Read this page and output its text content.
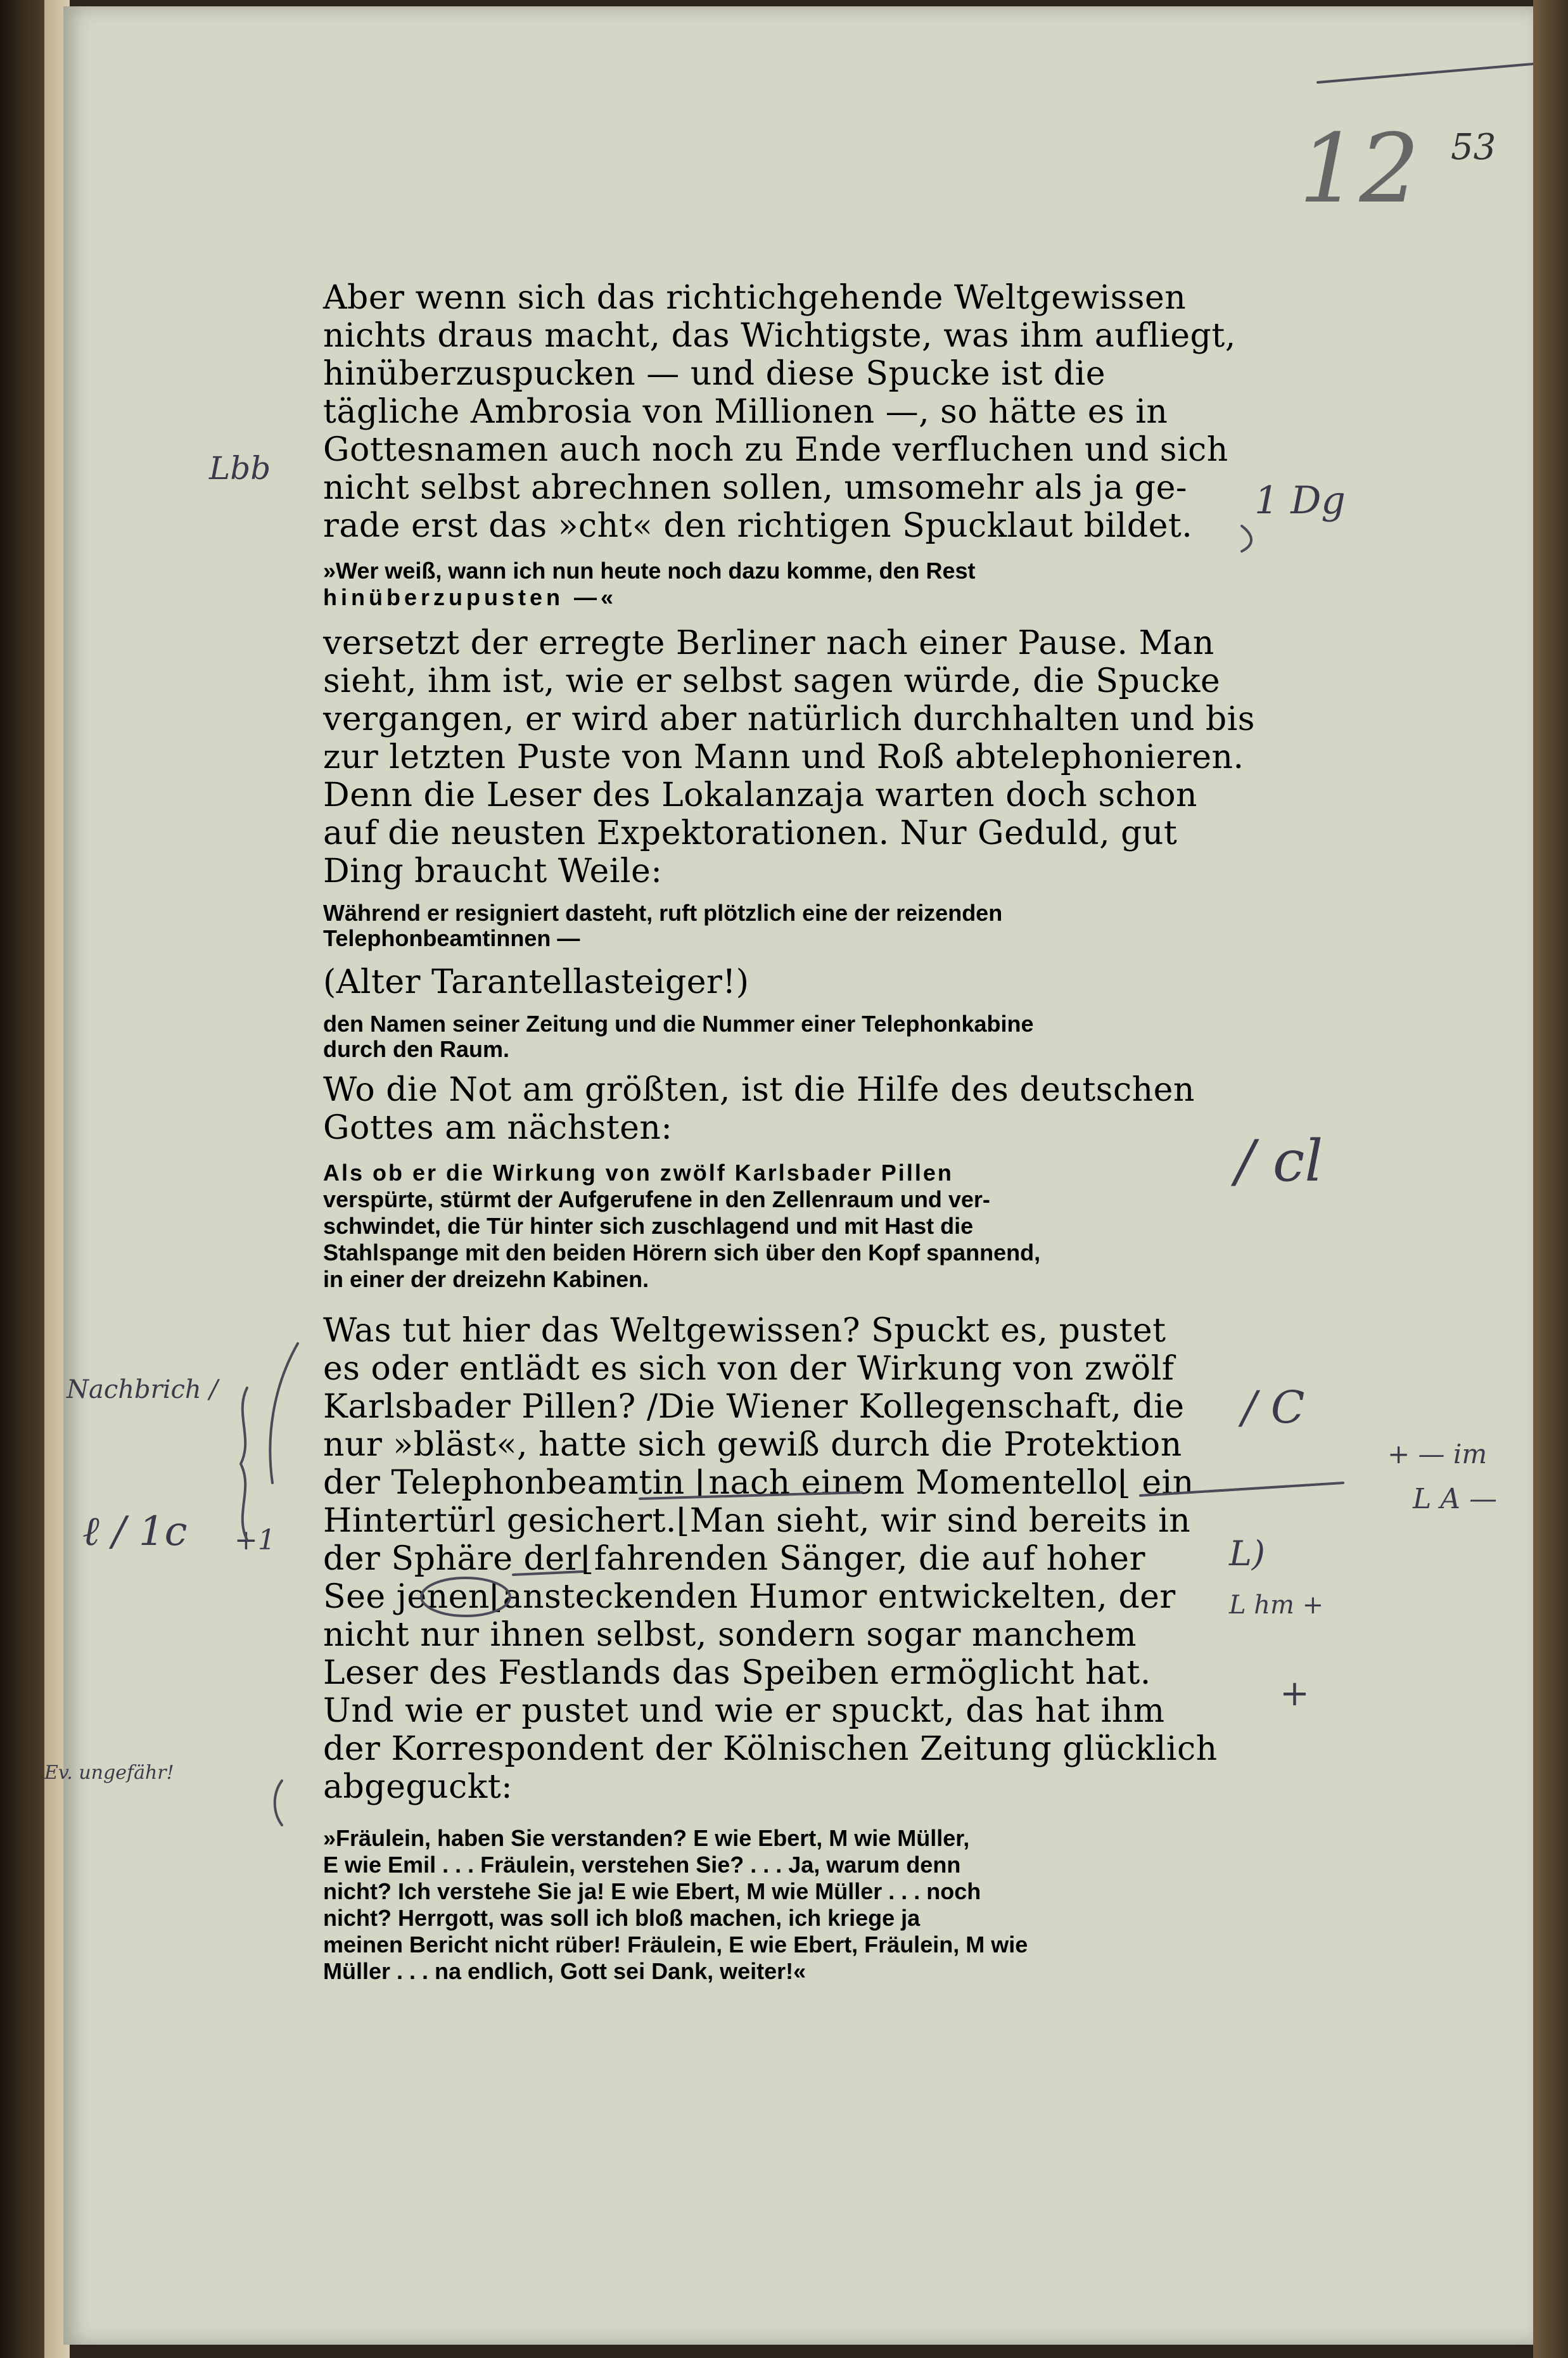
12 53
Aber wenn sich das richtichgehende Weltgewissen
nichts draus macht, das Wichtigste, was ihm aufliegt,
hinüberzuspucken — und diese Spucke ist die
tägliche Ambrosia von Millionen —, so hätte es in
Gottesnamen auch noch zu Ende verfluchen und sich
nicht selbst abrechnen sollen, umsomehr als ja ge-
rade erst das »cht« den richtigen Spucklaut bildet.
»Wer weiß, wann ich nun heute noch dazu komme, den Rest
hinüberzupusten —«
versetzt der erregte Berliner nach einer Pause. Man
sieht, ihm ist, wie er selbst sagen würde, die Spucke
vergangen, er wird aber natürlich durchhalten und bis
zur letzten Puste von Mann und Roß abtelephonieren.
Denn die Leser des Lokalanzaja warten doch schon
auf die neusten Expektorationen. Nur Geduld, gut
Ding braucht Weile:
Während er resigniert dasteht, ruft plötzlich eine der reizenden
Telephonbeamtinnen —
(Alter Tarantellasteiger!)
den Namen seiner Zeitung und die Nummer einer Telephonkabine
durch den Raum.
Wo die Not am größten, ist die Hilfe des deutschen
Gottes am nächsten:
Als ob er die Wirkung von zwölf Karlsbader Pillen
verspürte, stürmt der Aufgerufene in den Zellenraum und ver-
schwindet, die Tür hinter sich zuschlagend und mit Hast die
Stahlspange mit den beiden Hörern sich über den Kopf spannend,
in einer der dreizehn Kabinen.
Was tut hier das Weltgewissen? Spuckt es, pustet
es oder entlädt es sich von der Wirkung von zwölf
Karlsbader Pillen? /Die Wiener Kollegenschaft, die
nur »bläst«, hatte sich gewiß durch die Protektion
der Telephonbeamtin ⌊nach einem Momentello⌊ ein
Hintertürl gesichert.⌊Man sieht, wir sind bereits in
der Sphäre der⌊fahrenden Sänger, die auf hoher
See jenen⌊ansteckenden Humor entwickelten, der
nicht nur ihnen selbst, sondern sogar manchem
Leser des Festlands das Speiben ermöglicht hat.
Und wie er pustet und wie er spuckt, das hat ihm
der Korrespondent der Kölnischen Zeitung glücklich
abgeguckt:
»Fräulein, haben Sie verstanden? E wie Ebert, M wie Müller,
E wie Emil . . . Fräulein, verstehen Sie? . . . Ja, warum denn
nicht? Ich verstehe Sie ja! E wie Ebert, M wie Müller . . . noch
nicht? Herrgott, was soll ich bloß machen, ich kriege ja
meinen Bericht nicht rüber! Fräulein, E wie Ebert, Fräulein, M wie
Müller . . . na endlich, Gott sei Dank, weiter!«
Lbb
1 Dg
/ cl
Nachbrich /
ℓ / 1c +1
Ev. ungefähr!
/ C
+ — im
L A —
L)
L hm +
+
